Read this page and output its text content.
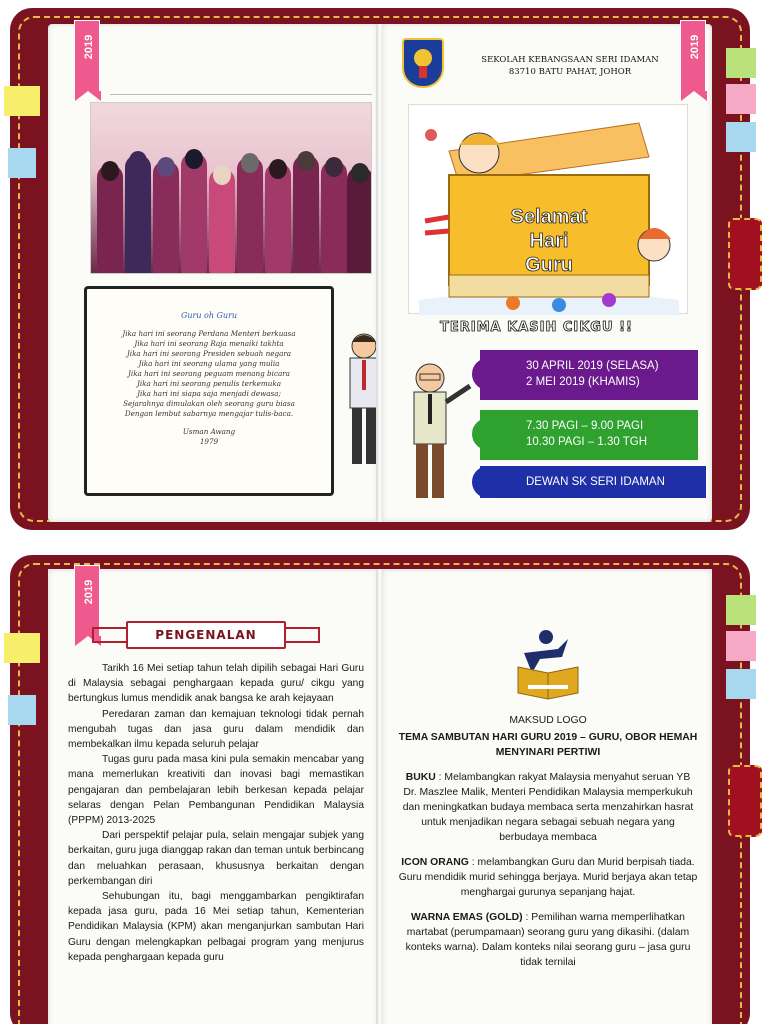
2019
Guru oh Guru
Jika hari ini seorang Perdana Menteri berkuasa
Jika hari ini seorang Raja menaiki takhta
Jika hari ini seorang Presiden sebuah negara
Jika hari ini seorang ulama yang mulia
Jika hari ini seorang peguam menang bicara
Jika hari ini seorang penulis terkemuka
Jika hari ini siapa saja menjadi dewasa;
Sejarahnya dimulakan oleh seorang guru biasa
Dengan lembut sabarnya mengajar tulis-baca.
Usman Awang
1979
2019
SEKOLAH KEBANGSAAN SERI IDAMAN
83710 BATU PAHAT, JOHOR
Selamat
Hari
Guru
TERIMA KASIH CIKGU !!
30 APRIL 2019 (SELASA)
2 MEI 2019 (KHAMIS)
7.30 PAGI – 9.00 PAGI
10.30 PAGI – 1.30 TGH
DEWAN SK SERI IDAMAN
2019
PENGENALAN

Tarikh 16 Mei setiap tahun telah dipilih sebagai Hari Guru di Malaysia sebagai penghargaan kepada guru/ cikgu yang bertungkus lumus mendidik anak bangsa ke arah kejayaan

Peredaran zaman dan kemajuan teknologi tidak pernah mengubah tugas dan jasa guru dalam mendidik dan membekalkan ilmu kepada seluruh pelajar

Tugas guru pada masa kini pula semakin mencabar yang mana memerlukan kreativiti dan inovasi bagi memastikan pengajaran dan pembelajaran lebih berkesan kepada pelajar selaras dengan Pelan Pembangunan Pendidikan Malaysia (PPPM) 2013-2025

Dari perspektif pelajar pula, selain mengajar subjek yang berkaitan, guru juga dianggap rakan dan teman untuk berbincang dan meluahkan perasaan, khususnya berkaitan dengan perkembangan diri

Sehubungan itu, bagi menggambarkan pengiktirafan kepada jasa guru, pada 16 Mei setiap tahun, Kementerian Pendidikan Malaysia (KPM) akan menganjurkan sambutan Hari Guru dengan melengkapkan pelbagai program yang menjurus kepada penghargaan kepada guru

MAKSUD LOGO

TEMA SAMBUTAN HARI GURU 2019 – GURU, OBOR HEMAH MENYINARI PERTIWI

BUKU : Melambangkan rakyat Malaysia menyahut seruan YB Dr. Maszlee Malik, Menteri Pendidikan Malaysia memperkukuh dan meningkatkan budaya membaca serta menzahirkan hasrat untuk menjadikan negara sebagai sebuah negara yang berbudaya membaca

ICON ORANG : melambangkan Guru dan Murid berpisah tiada. Guru mendidik murid sehingga berjaya. Murid berjaya akan tetap menghargai gurunya sepanjang hajat.

WARNA EMAS (GOLD) : Pemilihan warna memperlihatkan martabat (perumpamaan) seorang guru yang dikasihi. (dalam konteks warna). Dalam konteks nilai seorang guru – jasa guru tidak ternilai
